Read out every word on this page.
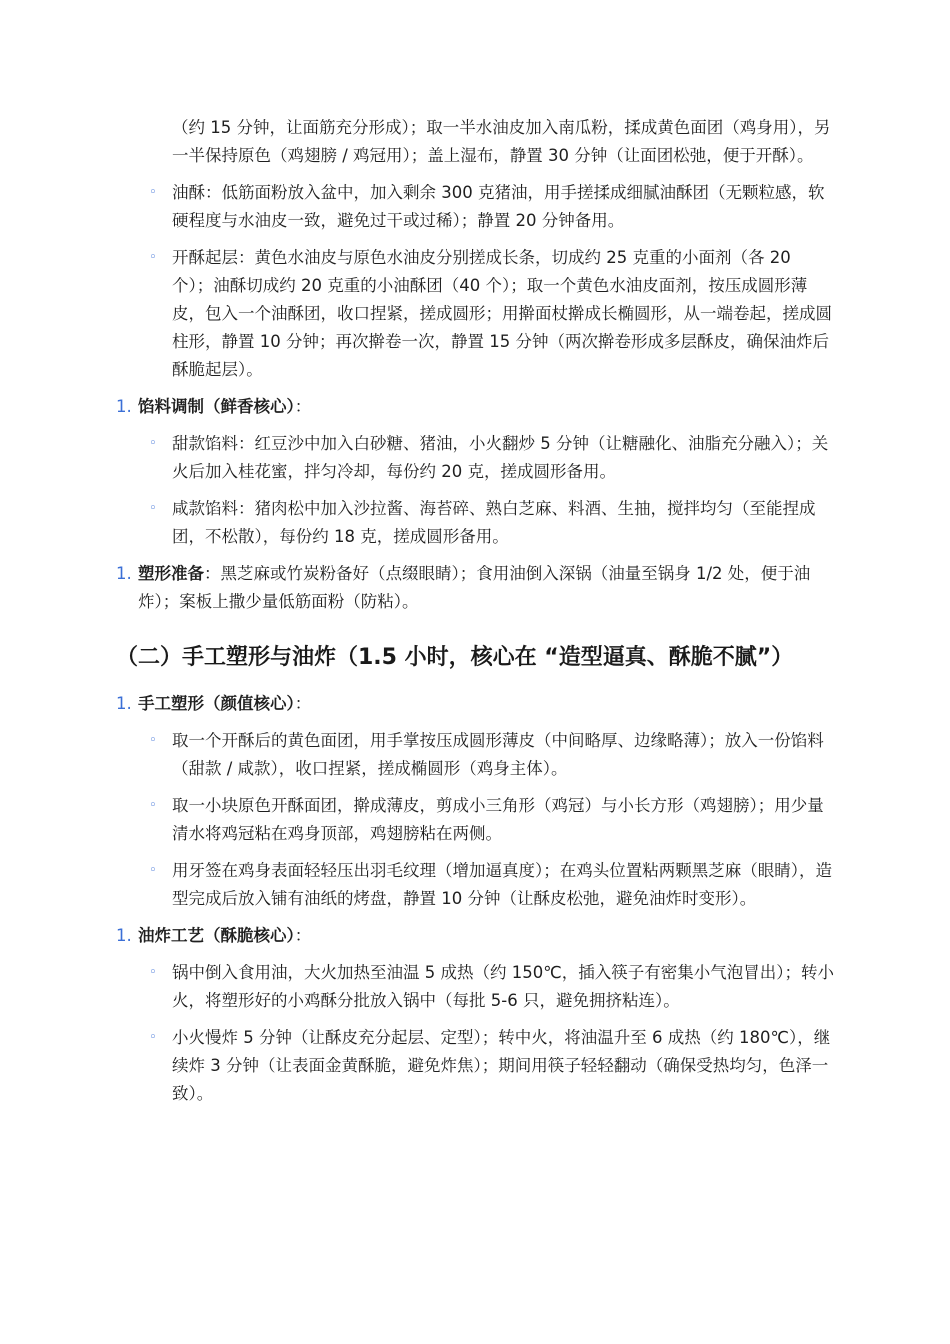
（约 15 分钟，让面筋充分形成）；取一半水油皮加入南瓜粉，揉成黄色面团（鸡身用），另一半保持原色（鸡翅膀 / 鸡冠用）；盖上湿布，静置 30 分钟（让面团松弛，便于开酥）。
◦ 油酥：低筋面粉放入盆中，加入剩余 300 克猪油，用手搓揉成细腻油酥团（无颗粒感，软硬程度与水油皮一致，避免过干或过稀）；静置 20 分钟备用。
◦ 开酥起层：黄色水油皮与原色水油皮分别搓成长条，切成约 25 克重的小面剂（各 20 个）；油酥切成约 20 克重的小油酥团（40 个）；取一个黄色水油皮面剂，按压成圆形薄皮，包入一个油酥团，收口捏紧，搓成圆形；用擀面杖擀成长椭圆形，从一端卷起，搓成圆柱形，静置 10 分钟；再次擀卷一次，静置 15 分钟（两次擀卷形成多层酥皮，确保油炸后酥脆起层）。
1. 馅料调制（鲜香核心）：
◦ 甜款馅料：红豆沙中加入白砂糖、猪油，小火翻炒 5 分钟（让糖融化、油脂充分融入）；关火后加入桂花蜜，拌匀冷却，每份约 20 克，搓成圆形备用。
◦ 咸款馅料：猪肉松中加入沙拉酱、海苔碎、熟白芝麻、料酒、生抽，搅拌均匀（至能捏成团，不松散），每份约 18 克，搓成圆形备用。
1. 塑形准备：黑芝麻或竹炭粉备好（点缀眼睛）；食用油倒入深锅（油量至锅身 1/2 处，便于油炸）；案板上撒少量低筋面粉（防粘）。
（二）手工塑形与油炸（1.5 小时，核心在 “造型逼真、酥脆不腻”）
1. 手工塑形（颜值核心）：
◦ 取一个开酥后的黄色面团，用手掌按压成圆形薄皮（中间略厚、边缘略薄）；放入一份馅料（甜款 / 咸款），收口捏紧，搓成椭圆形（鸡身主体）。
◦ 取一小块原色开酥面团，擀成薄皮，剪成小三角形（鸡冠）与小长方形（鸡翅膀）；用少量清水将鸡冠粘在鸡身顶部，鸡翅膀粘在两侧。
◦ 用牙签在鸡身表面轻轻压出羽毛纹理（增加逼真度）；在鸡头位置粘两颗黑芝麻（眼睛），造型完成后放入铺有油纸的烤盘，静置 10 分钟（让酥皮松弛，避免油炸时变形）。
1. 油炸工艺（酥脆核心）：
◦ 锅中倒入食用油，大火加热至油温 5 成热（约 150℃，插入筷子有密集小气泡冒出）；转小火，将塑形好的小鸡酥分批放入锅中（每批 5-6 只，避免拥挤粘连）。
◦ 小火慢炸 5 分钟（让酥皮充分起层、定型）；转中火，将油温升至 6 成热（约 180℃），继续炸 3 分钟（让表面金黄酥脆，避免炸焦）；期间用筷子轻轻翻动（确保受热均匀，色泽一致）。
